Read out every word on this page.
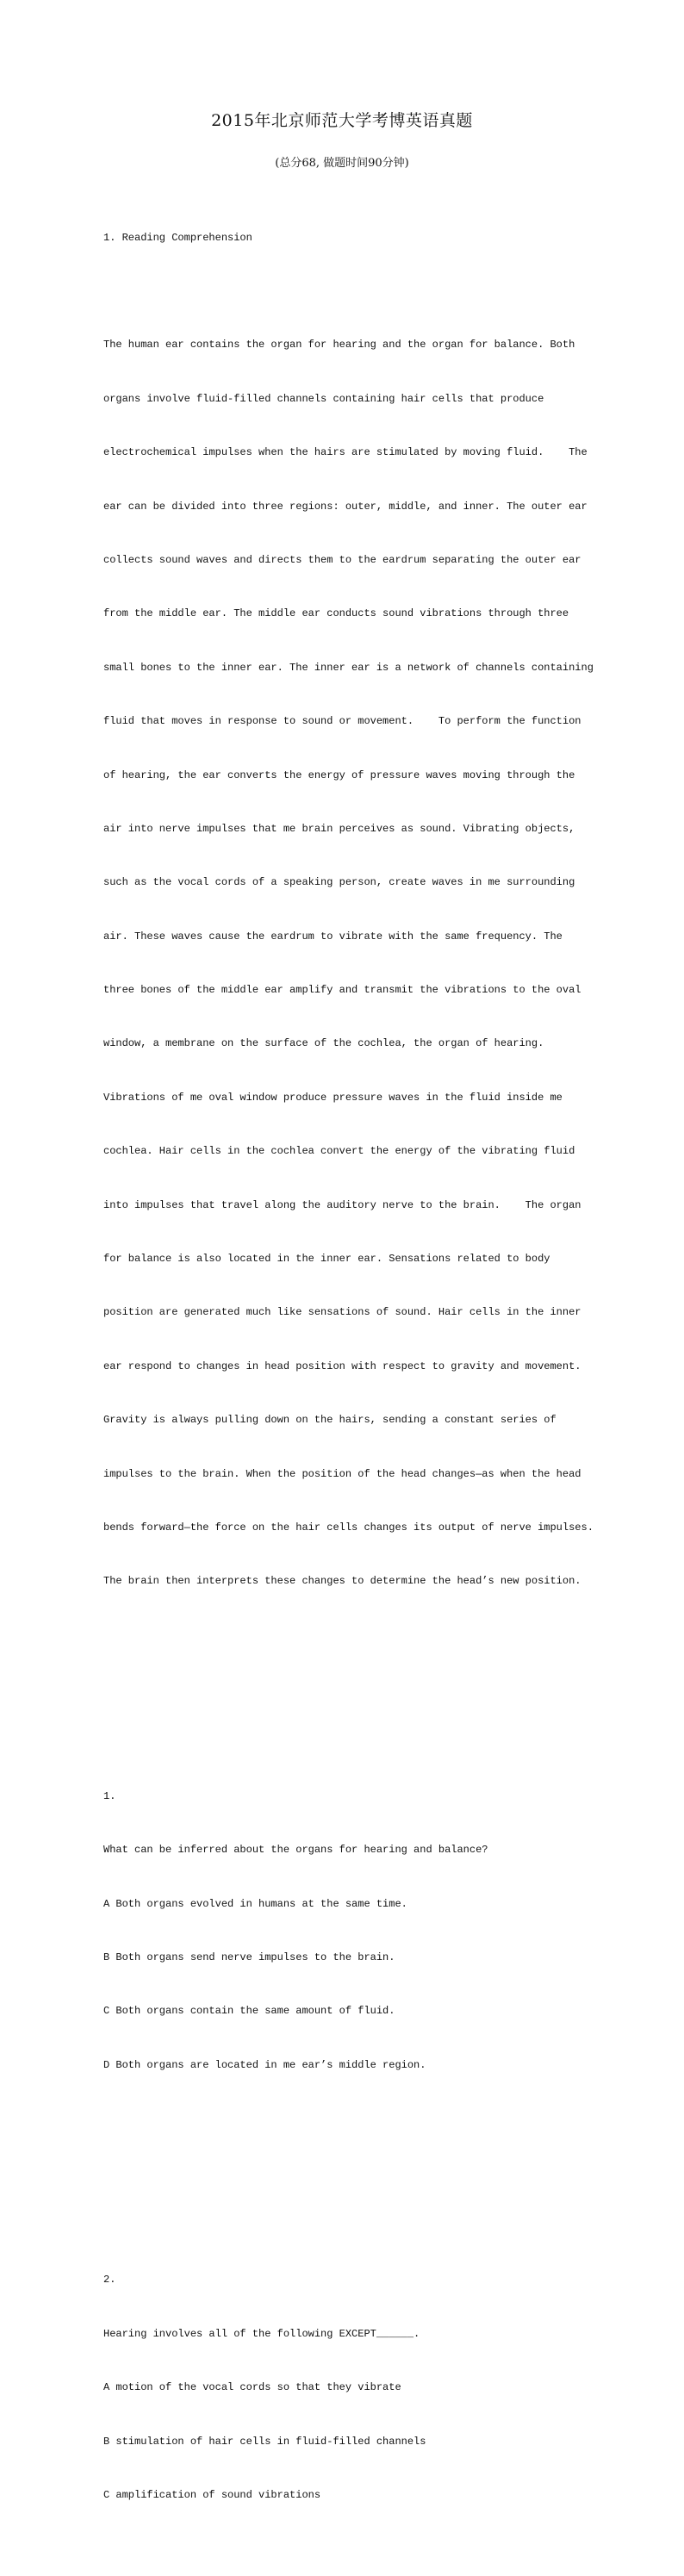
2015年北京师范大学考博英语真题
(总分68, 做题时间90分钟)

1. Reading Comprehension

The human ear contains the organ for hearing and the organ for balance. Both

organs involve fluid-filled channels containing hair cells that produce

electrochemical impulses when the hairs are stimulated by moving fluid.    The

ear can be divided into three regions: outer, middle, and inner. The outer ear

collects sound waves and directs them to the eardrum separating the outer ear

from the middle ear. The middle ear conducts sound vibrations through three

small bones to the inner ear. The inner ear is a network of channels containing

fluid that moves in response to sound or movement.    To perform the function

of hearing, the ear converts the energy of pressure waves moving through the

air into nerve impulses that me brain perceives as sound. Vibrating objects,

such as the vocal cords of a speaking person, create waves in me surrounding

air. These waves cause the eardrum to vibrate with the same frequency. The

three bones of the middle ear amplify and transmit the vibrations to the oval

window, a membrane on the surface of the cochlea, the organ of hearing.

Vibrations of me oval window produce pressure waves in the fluid inside me

cochlea. Hair cells in the cochlea convert the energy of the vibrating fluid

into impulses that travel along the auditory nerve to the brain.    The organ

for balance is also located in the inner ear. Sensations related to body

position are generated much like sensations of sound. Hair cells in the inner

ear respond to changes in head position with respect to gravity and movement.

Gravity is always pulling down on the hairs, sending a constant series of

impulses to the brain. When the position of the head changes—as when the head

bends forward—the force on the hair cells changes its output of nerve impulses.

The brain then interprets these changes to determine the head’s new position.

1.

What can be inferred about the organs for hearing and balance?

A Both organs evolved in humans at the same time.

B Both organs send nerve impulses to the brain.

C Both organs contain the same amount of fluid.

D Both organs are located in me ear’s middle region.

2.

Hearing involves all of the following EXCEPT______.

A motion of the vocal cords so that they vibrate

B stimulation of hair cells in fluid-filled channels

C amplification of sound vibrations
